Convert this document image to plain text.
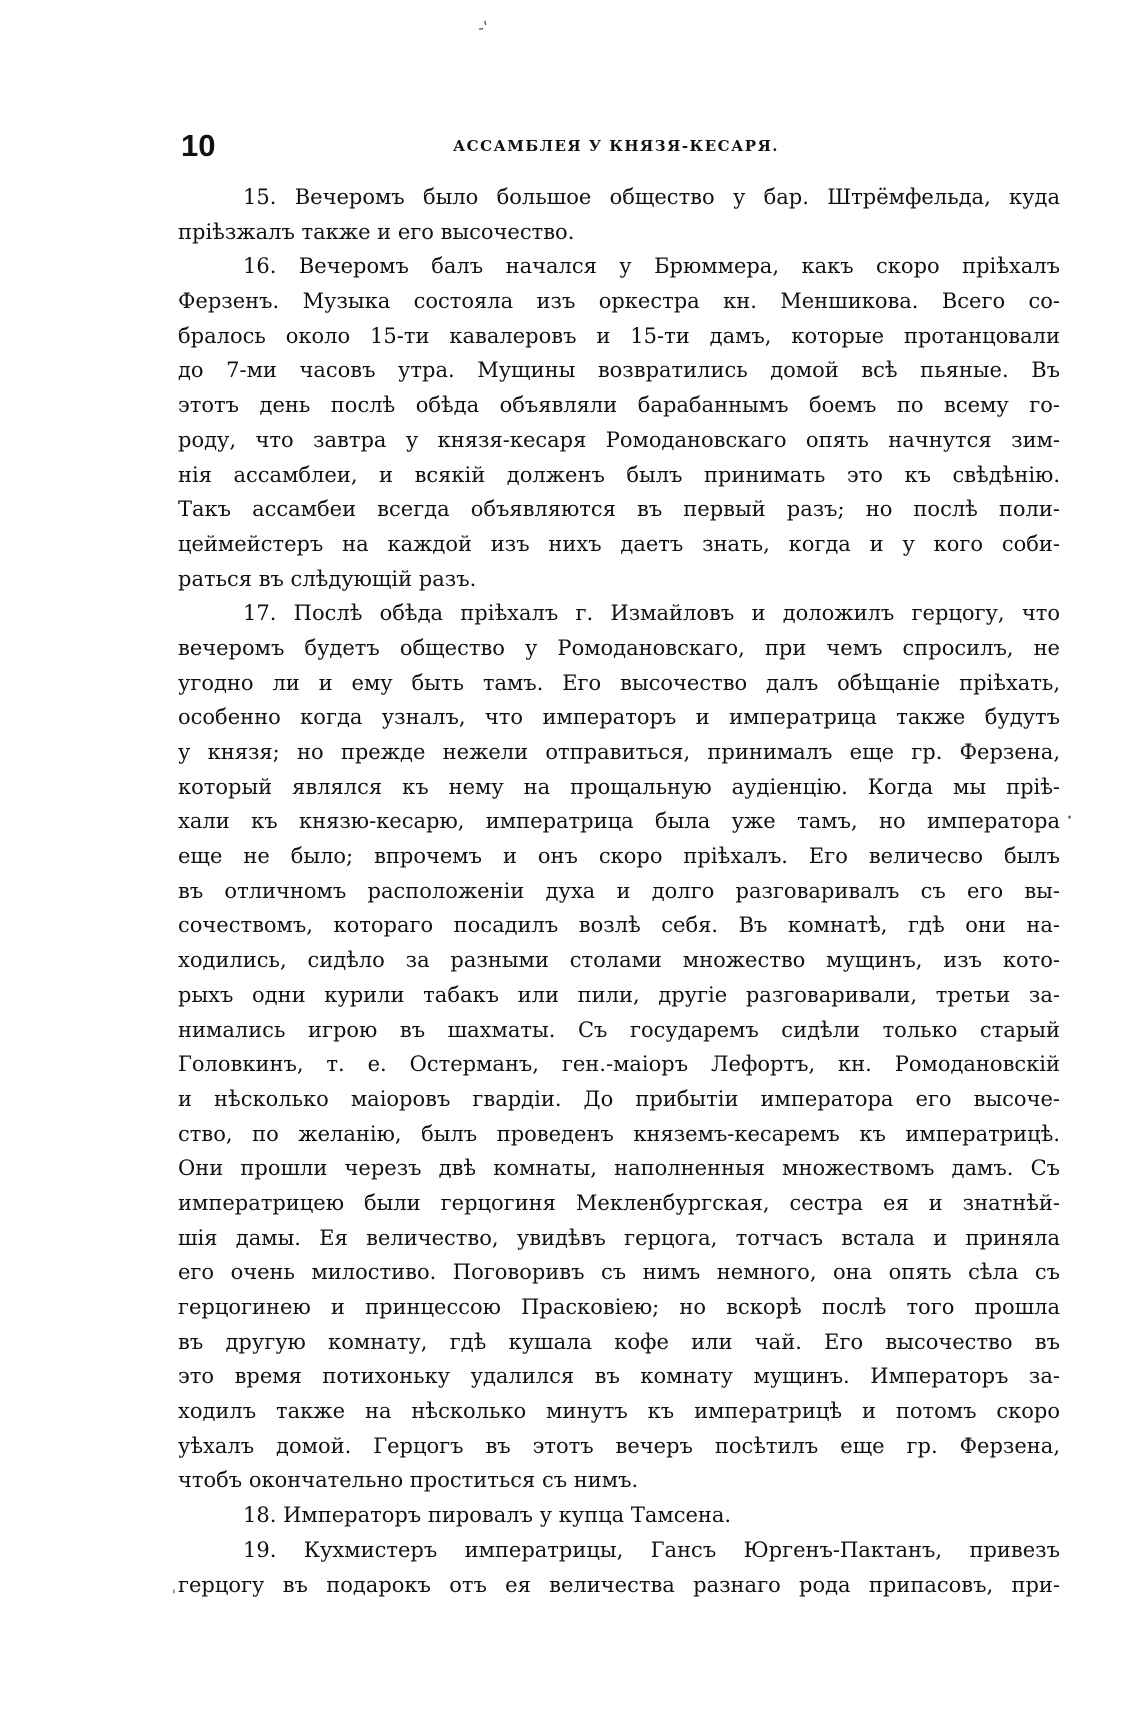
-'
10	АССАМБЛЕЯ У КНЯЗЯ-КЕСАРЯ.
15. Вечеромъ было большое общество у бар. Штрёмфельда, куда
пріѣзжалъ также и его высочество.
16. Вечеромъ балъ начался у Брюммера, какъ скоро пріѣхалъ
Ферзенъ. Музыка состояла изъ оркестра кн. Меншикова. Всего со-
бралось около 15-ти кавалеровъ и 15-ти дамъ, которые протанцовали
до 7-ми часовъ утра. Мущины возвратились домой всѣ пьяные. Въ
этотъ день послѣ обѣда объявляли барабаннымъ боемъ по всему го-
роду, что завтра у князя-кесаря Ромодановскаго опять начнутся зим-
нія ассамблеи, и всякій долженъ былъ принимать это къ свѣдѣнію.
Такъ ассамбеи всегда объявляются въ первый разъ; но послѣ поли-
цеймейстеръ на каждой изъ нихъ даетъ знать, когда и у кого соби-
раться въ слѣдующій разъ.
17. Послѣ обѣда пріѣхалъ г. Измайловъ и доложилъ герцогу, что
вечеромъ будетъ общество у Ромодановскаго, при чемъ спросилъ, не
угодно ли и ему быть тамъ. Его высочество далъ обѣщаніе пріѣхать,
особенно когда узналъ, что императоръ и императрица также будутъ
у князя; но прежде нежели отправиться, принималъ еще гр. Ферзена,
который являлся къ нему на прощальную аудіенцію. Когда мы пріѣ-
хали къ князю-кесарю, императрица была уже тамъ, но императора
еще не было; впрочемъ и онъ скоро пріѣхалъ. Его величесво былъ
въ отличномъ расположеніи духа и долго разговаривалъ съ его вы-
сочествомъ, котораго посадилъ возлѣ себя. Въ комнатѣ, гдѣ они на-
ходились, сидѣло за разными столами множество мущинъ, изъ кото-
рыхъ одни курили табакъ или пили, другіе разговаривали, третьи за-
нимались игрою въ шахматы. Съ государемъ сидѣли только старый
Головкинъ, т. е. Остерманъ, ген.-маіоръ Лефортъ, кн. Ромодановскій
и нѣсколько маіоровъ гвардіи. До прибытіи императора его высоче-
ство, по желанію, былъ проведенъ княземъ-кесаремъ къ императрицѣ.
Они прошли черезъ двѣ комнаты, наполненныя множествомъ дамъ. Съ
императрицею были герцогиня Мекленбургская, сестра ея и знатнѣй-
шія дамы. Ея величество, увидѣвъ герцога, тотчасъ встала и приняла
его очень милостиво. Поговоривъ съ нимъ немного, она опять сѣла съ
герцогинею и принцессою Прасковіею; но вскорѣ послѣ того прошла
въ другую комнату, гдѣ кушала кофе или чай. Его высочество въ
это время потихоньку удалился въ комнату мущинъ. Императоръ за-
ходилъ также на нѣсколько минутъ къ императрицѣ и потомъ скоро
уѣхалъ домой. Герцогъ въ этотъ вечеръ посѣтилъ еще гр. Ферзена,
чтобъ окончательно проститься съ нимъ.
18. Императоръ пировалъ у купца Тамсена.
19. Кухмистеръ императрицы, Гансъ Юргенъ-Пактанъ, привезъ
герцогу въ подарокъ отъ ея величества разнаго рода припасовъ, при-
·
'
